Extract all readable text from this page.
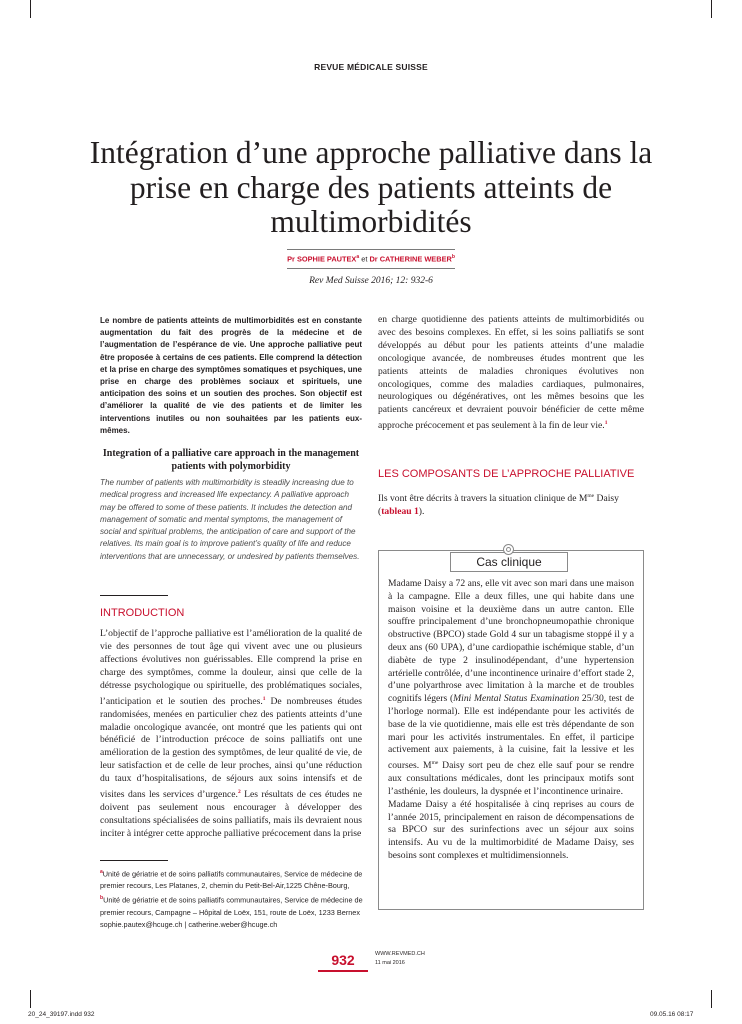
REVUE MÉDICALE SUISSE
Intégration d’une approche palliative dans la prise en charge des patients atteints de multimorbidités
Pr SOPHIE PAUTEX$^a$ et Dr CATHERINE WEBER$^b$
Rev Med Suisse 2016; 12: 932-6

Le nombre de patients atteints de multimorbidités est en constante augmentation du fait des progrès de la médecine et de l’augmentation de l’espérance de vie. Une approche palliative peut être proposée à certains de ces patients. Elle comprend la détection et la prise en charge des symptômes somatiques et psychiques, une prise en charge des problèmes sociaux et spirituels, une anticipation des soins et un soutien des proches. Son objectif est d’améliorer la qualité de vie des patients et de limiter les interventions inutiles ou non souhaitées par les patients eux-mêmes.

Integration of a palliative care approach in the management patients with polymorbidity

The number of patients with multimorbidity is steadily increasing due to medical progress and increased life expectancy. A palliative approach may be offered to some of these patients. It includes the detection and management of somatic and mental symptoms, the management of social and spiritual problems, the anticipation of care and support of the relatives. Its main goal is to improve patient’s quality of life and reduce interventions that are unnecessary, or undesired by patients themselves.

INTRODUCTION

L’objectif de l’approche palliative est l’amélioration de la qualité de vie des personnes de tout âge qui vivent avec une ou plusieurs affections évolutives non guérissables. Elle comprend la prise en charge des symptômes, comme la douleur, ainsi que celle de la détresse psychologique ou spirituelle, des problématiques sociales, l’anticipation et le soutien des proches.$^1$ De nombreuses études randomisées, menées en particulier chez des patients atteints d’une maladie oncologique avancée, ont montré que les patients qui ont bénéficié de l’introduction précoce de soins palliatifs ont une amélioration de la gestion des symptômes, de leur qualité de vie, de leur satisfaction et de celle de leur proches, ainsi qu’une réduction du taux d’hospitalisations, de séjours aux soins intensifs et de visites dans les services d’urgence.$^2$ Les résultats de ces études ne doivent pas seulement nous encourager à développer des consultations spécialisées de soins palliatifs, mais ils devraient nous inciter à intégrer cette approche palliative précocement dans la prise

$^a$Unité de gériatrie et de soins palliatifs communautaires, Service de médecine de premier recours, Les Platanes, 2, chemin du Petit-Bel-Air,1225 Chêne-Bourg,
$^b$Unité de gériatrie et de soins palliatifs communautaires, Service de médecine de premier recours, Campagne – Hôpital de Loëx, 151, route de Loëx, 1233 Bernex
sophie.pautex@hcuge.ch | catherine.weber@hcuge.ch

en charge quotidienne des patients atteints de multimorbidités ou avec des besoins complexes. En effet, si les soins palliatifs se sont développés au début pour les patients atteints d’une maladie oncologique avancée, de nombreuses études montrent que les patients atteints de maladies chroniques évolutives non oncologiques, comme des maladies cardiaques, pulmonaires, neurologiques ou dégénératives, ont les mêmes besoins que les patients cancéreux et devraient pouvoir bénéficier de cette même approche précocement et pas seulement à la fin de leur vie.$^1$

LES COMPOSANTS DE L’APPROCHE PALLIATIVE

Ils vont être décrits à travers la situation clinique de $M^{me}$ Daisy (tableau 1).

Cas clinique

Madame Daisy a 72 ans, elle vit avec son mari dans une maison à la campagne. Elle a deux filles, une qui habite dans une maison voisine et la deuxième dans un autre canton. Elle souffre principalement d’une bronchopneumopathie chronique obstructive (BPCO) stade Gold 4 sur un tabagisme stoppé il y a deux ans (60 UPA), d’une cardiopathie ischémique stable, d’un diabète de type 2 insulinodépendant, d’une hypertension artérielle contrôlée, d’une incontinence urinaire d’effort stade 2, d’une polyarthrose avec limitation à la marche et de troubles cognitifs légers (Mini Mental Status Examination 25/30, test de l’horloge normal). Elle est indépendante pour les activités de base de la vie quotidienne, mais elle est très dépendante de son mari pour les activités instrumentales. En effet, il participe activement aux paiements, à la cuisine, fait la lessive et les courses. $M^{me}$ Daisy sort peu de chez elle sauf pour se rendre aux consultations médicales, dont les principaux motifs sont l’asthénie, les douleurs, la dyspnée et l’incontinence urinaire.

Madame Daisy a été hospitalisée à cinq reprises au cours de l’année 2015, principalement en raison de décompensations de sa BPCO sur des surinfections avec un séjour aux soins intensifs. Au vu de la multimorbidité de Madame Daisy, ses besoins sont complexes et multidimensionnels.

932	WWW.REVMED.CH
11 mai 2016
20_24_39197.indd 932	09.05.16 08:17
